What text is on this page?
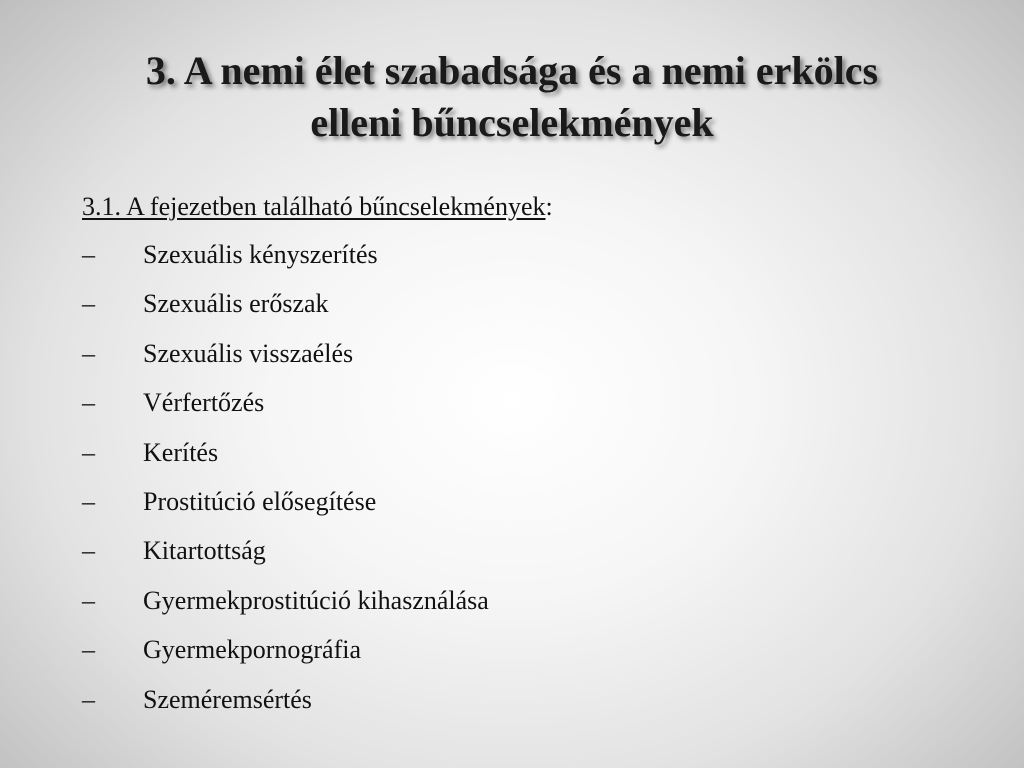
3. A nemi élet szabadsága és a nemi erkölcs
elleni bűncselekmények

3.1. A fejezetben található bűncselekmények:

–	Szexuális kényszerítés
–	Szexuális erőszak
–	Szexuális visszaélés
–	Vérfertőzés
–	Kerítés
–	Prostitúció elősegítése
–	Kitartottság
–	Gyermekprostitúció kihasználása
–	Gyermekpornográfia
–	Szeméremsértés
